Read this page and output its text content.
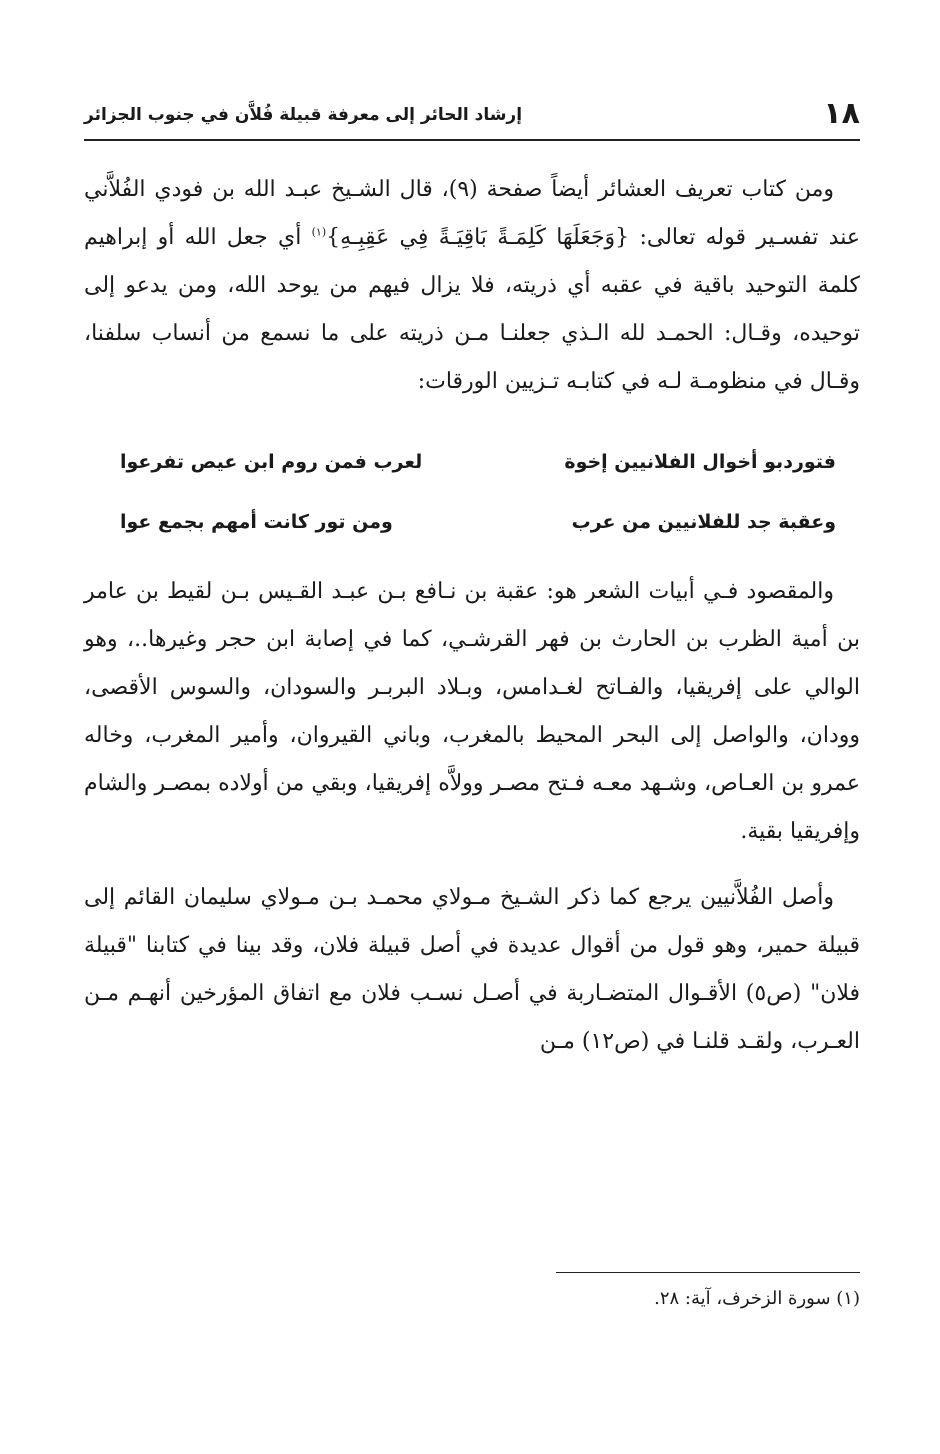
١٨
إرشاد الحائر إلى معرفة قبيلة فُلاَّن في جنوب الجزائر

ومن كتاب تعريف العشائر أيضاً صفحة (٩)، قال الشـيخ عبـد الله بن فودي الفُلاَّني عند تفسـير قوله تعالى: {وَجَعَلَهَا كَلِمَـةً بَاقِيَـةً فِي عَقِبِـهِ}$^{(١)}$ أي جعل الله أو إبراهيم كلمة التوحيد باقية في عقبه أي ذريته، فلا يزال فيهم من يوحد الله، ومن يدعو إلى توحيده، وقـال: الحمـد لله الـذي جعلنـا مـن ذريته على ما نسمع من أنساب سلفنا، وقـال في منظومـة لـه في كتابـه تـزيين الورقات:

فتوردبو أخوال الفلانيين إخوة
لعرب فمن روم ابن عيص تفرعوا
وعقبة جد للفلانيين من عرب
ومن تور كانت أمهم بجمع عوا

والمقصود فـي أبيات الشعر هو: عقبة بن نـافع بـن عبـد القـيس بـن لقيط بن عامر بن أمية الظرب بن الحارث بن فهر القرشـي، كما في إصابة ابن حجر وغيرها..، وهو الوالي على إفريقيا، والفـاتح لغـدامس، وبـلاد البربـر والسودان، والسوس الأقصى، وودان، والواصل إلى البحر المحيط بالمغرب، وباني القيروان، وأمير المغرب، وخاله عمرو بن العـاص، وشـهد معـه فـتح مصـر وولاَّه إفريقيا، وبقي من أولاده بمصـر والشام وإفريقيا بقية.

وأصل الفُلاَّنيين يرجع كما ذكر الشـيخ مـولاي محمـد بـن مـولاي سليمان القائم إلى قبيلة حمير، وهو قول من أقوال عديدة في أصل قبيلة فلان، وقد بينا في كتابنا "قبيلة فلان" (ص٥) الأقـوال المتضـاربة في أصـل نسـب فلان مع اتفاق المؤرخين أنهـم مـن العـرب، ولقـد قلنـا في (ص١٢) مـن

(١) سورة الزخرف، آية: ٢٨.
